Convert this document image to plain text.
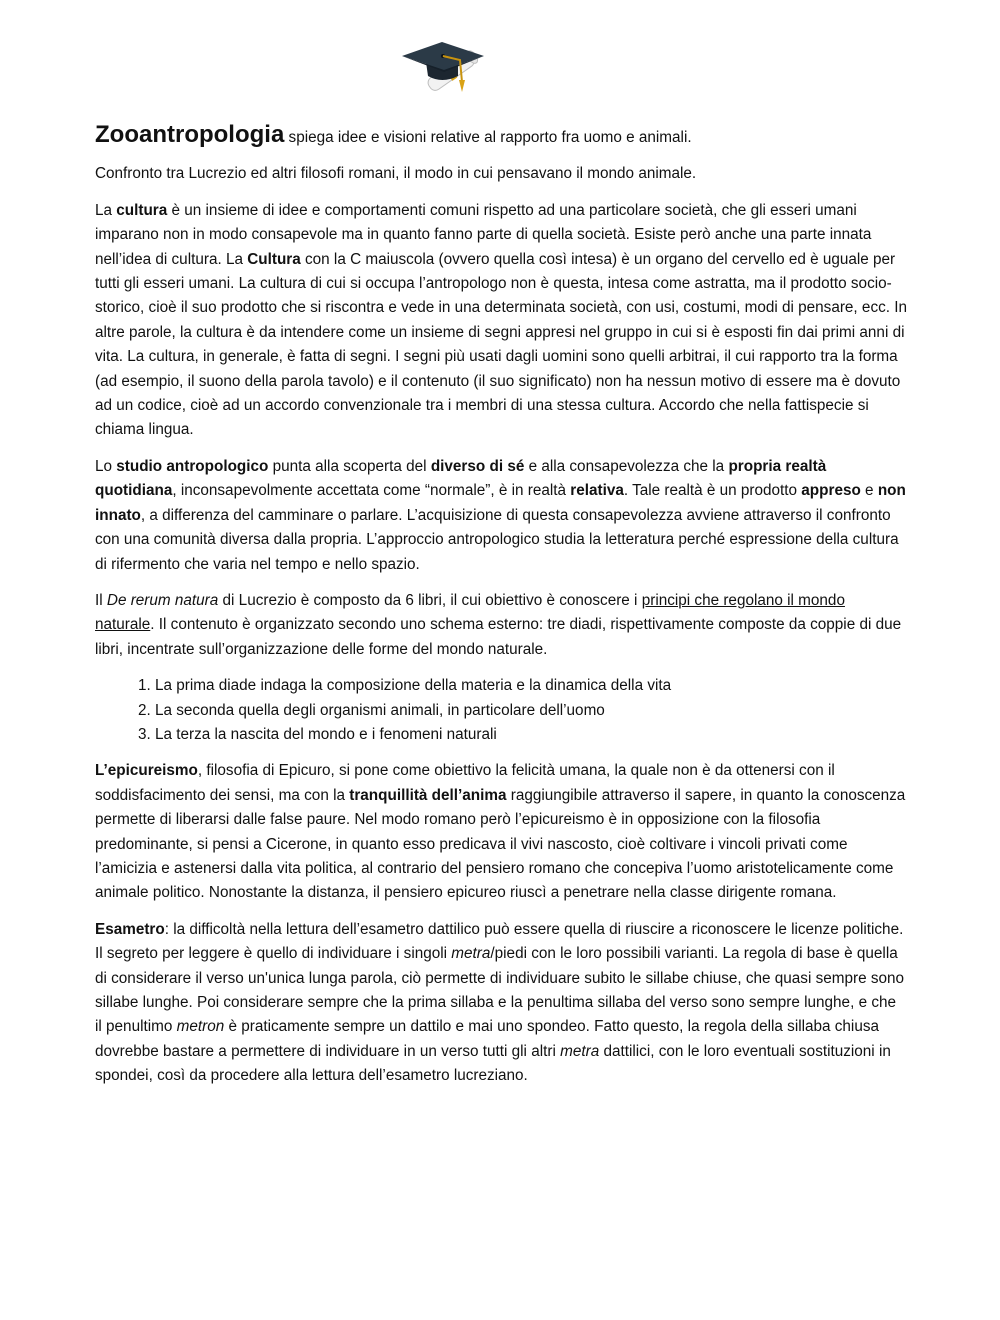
Zooantropologia spiega idee e visioni relative al rapporto fra uomo e animali.

Confronto tra Lucrezio ed altri filosofi romani, il modo in cui pensavano il mondo animale.

La cultura è un insieme di idee e comportamenti comuni rispetto ad una particolare società, che gli esseri umani imparano non in modo consapevole ma in quanto fanno parte di quella società. Esiste però anche una parte innata nell’idea di cultura. La Cultura con la C maiuscola (ovvero quella così intesa) è un organo del cervello ed è uguale per tutti gli esseri umani. La cultura di cui si occupa l’antropologo non è questa, intesa come astratta, ma il prodotto socio-storico, cioè il suo prodotto che si riscontra e vede in una determinata società, con usi, costumi, modi di pensare, ecc. In altre parole, la cultura è da intendere come un insieme di segni appresi nel gruppo in cui si è esposti fin dai primi anni di vita. La cultura, in generale, è fatta di segni. I segni più usati dagli uomini sono quelli arbitrai, il cui rapporto tra la forma (ad esempio, il suono della parola tavolo) e il contenuto (il suo significato) non ha nessun motivo di essere ma è dovuto ad un codice, cioè ad un accordo convenzionale tra i membri di una stessa cultura. Accordo che nella fattispecie si chiama lingua.

Lo studio antropologico punta alla scoperta del diverso di sé e alla consapevolezza che la propria realtà quotidiana, inconsapevolmente accettata come “normale”, è in realtà relativa. Tale realtà è un prodotto appreso e non innato, a differenza del camminare o parlare. L’acquisizione di questa consapevolezza avviene attraverso il confronto con una comunità diversa dalla propria. L’approccio antropologico studia la letteratura perché espressione della cultura di rifermento che varia nel tempo e nello spazio.

Il De rerum natura di Lucrezio è composto da 6 libri, il cui obiettivo è conoscere i principi che regolano il mondo naturale. Il contenuto è organizzato secondo uno schema esterno: tre diadi, rispettivamente composte da coppie di due libri, incentrate sull’organizzazione delle forme del mondo naturale.

1. La prima diade indaga la composizione della materia e la dinamica della vita
2. La seconda quella degli organismi animali, in particolare dell’uomo
3. La terza la nascita del mondo e i fenomeni naturali

L’epicureismo, filosofia di Epicuro, si pone come obiettivo la felicità umana, la quale non è da ottenersi con il soddisfacimento dei sensi, ma con la tranquillità dell’anima raggiungibile attraverso il sapere, in quanto la conoscenza permette di liberarsi dalle false paure. Nel modo romano però l’epicureismo è in opposizione con la filosofia predominante, si pensi a Cicerone, in quanto esso predicava il vivi nascosto, cioè coltivare i vincoli privati come l’amicizia e astenersi dalla vita politica, al contrario del pensiero romano che concepiva l’uomo aristotelicamente come animale politico. Nonostante la distanza, il pensiero epicureo riuscì a penetrare nella classe dirigente romana.

Esametro: la difficoltà nella lettura dell’esametro dattilico può essere quella di riuscire a riconoscere le licenze politiche. Il segreto per leggere è quello di individuare i singoli metra/piedi con le loro possibili varianti. La regola di base è quella di considerare il verso un'unica lunga parola, ciò permette di individuare subito le sillabe chiuse, che quasi sempre sono sillabe lunghe. Poi considerare sempre che la prima sillaba e la penultima sillaba del verso sono sempre lunghe, e che il penultimo metron è praticamente sempre un dattilo e mai uno spondeo. Fatto questo, la regola della sillaba chiusa dovrebbe bastare a permettere di individuare in un verso tutti gli altri metra dattilici, con le loro eventuali sostituzioni in spondei, così da procedere alla lettura dell’esametro lucreziano.
